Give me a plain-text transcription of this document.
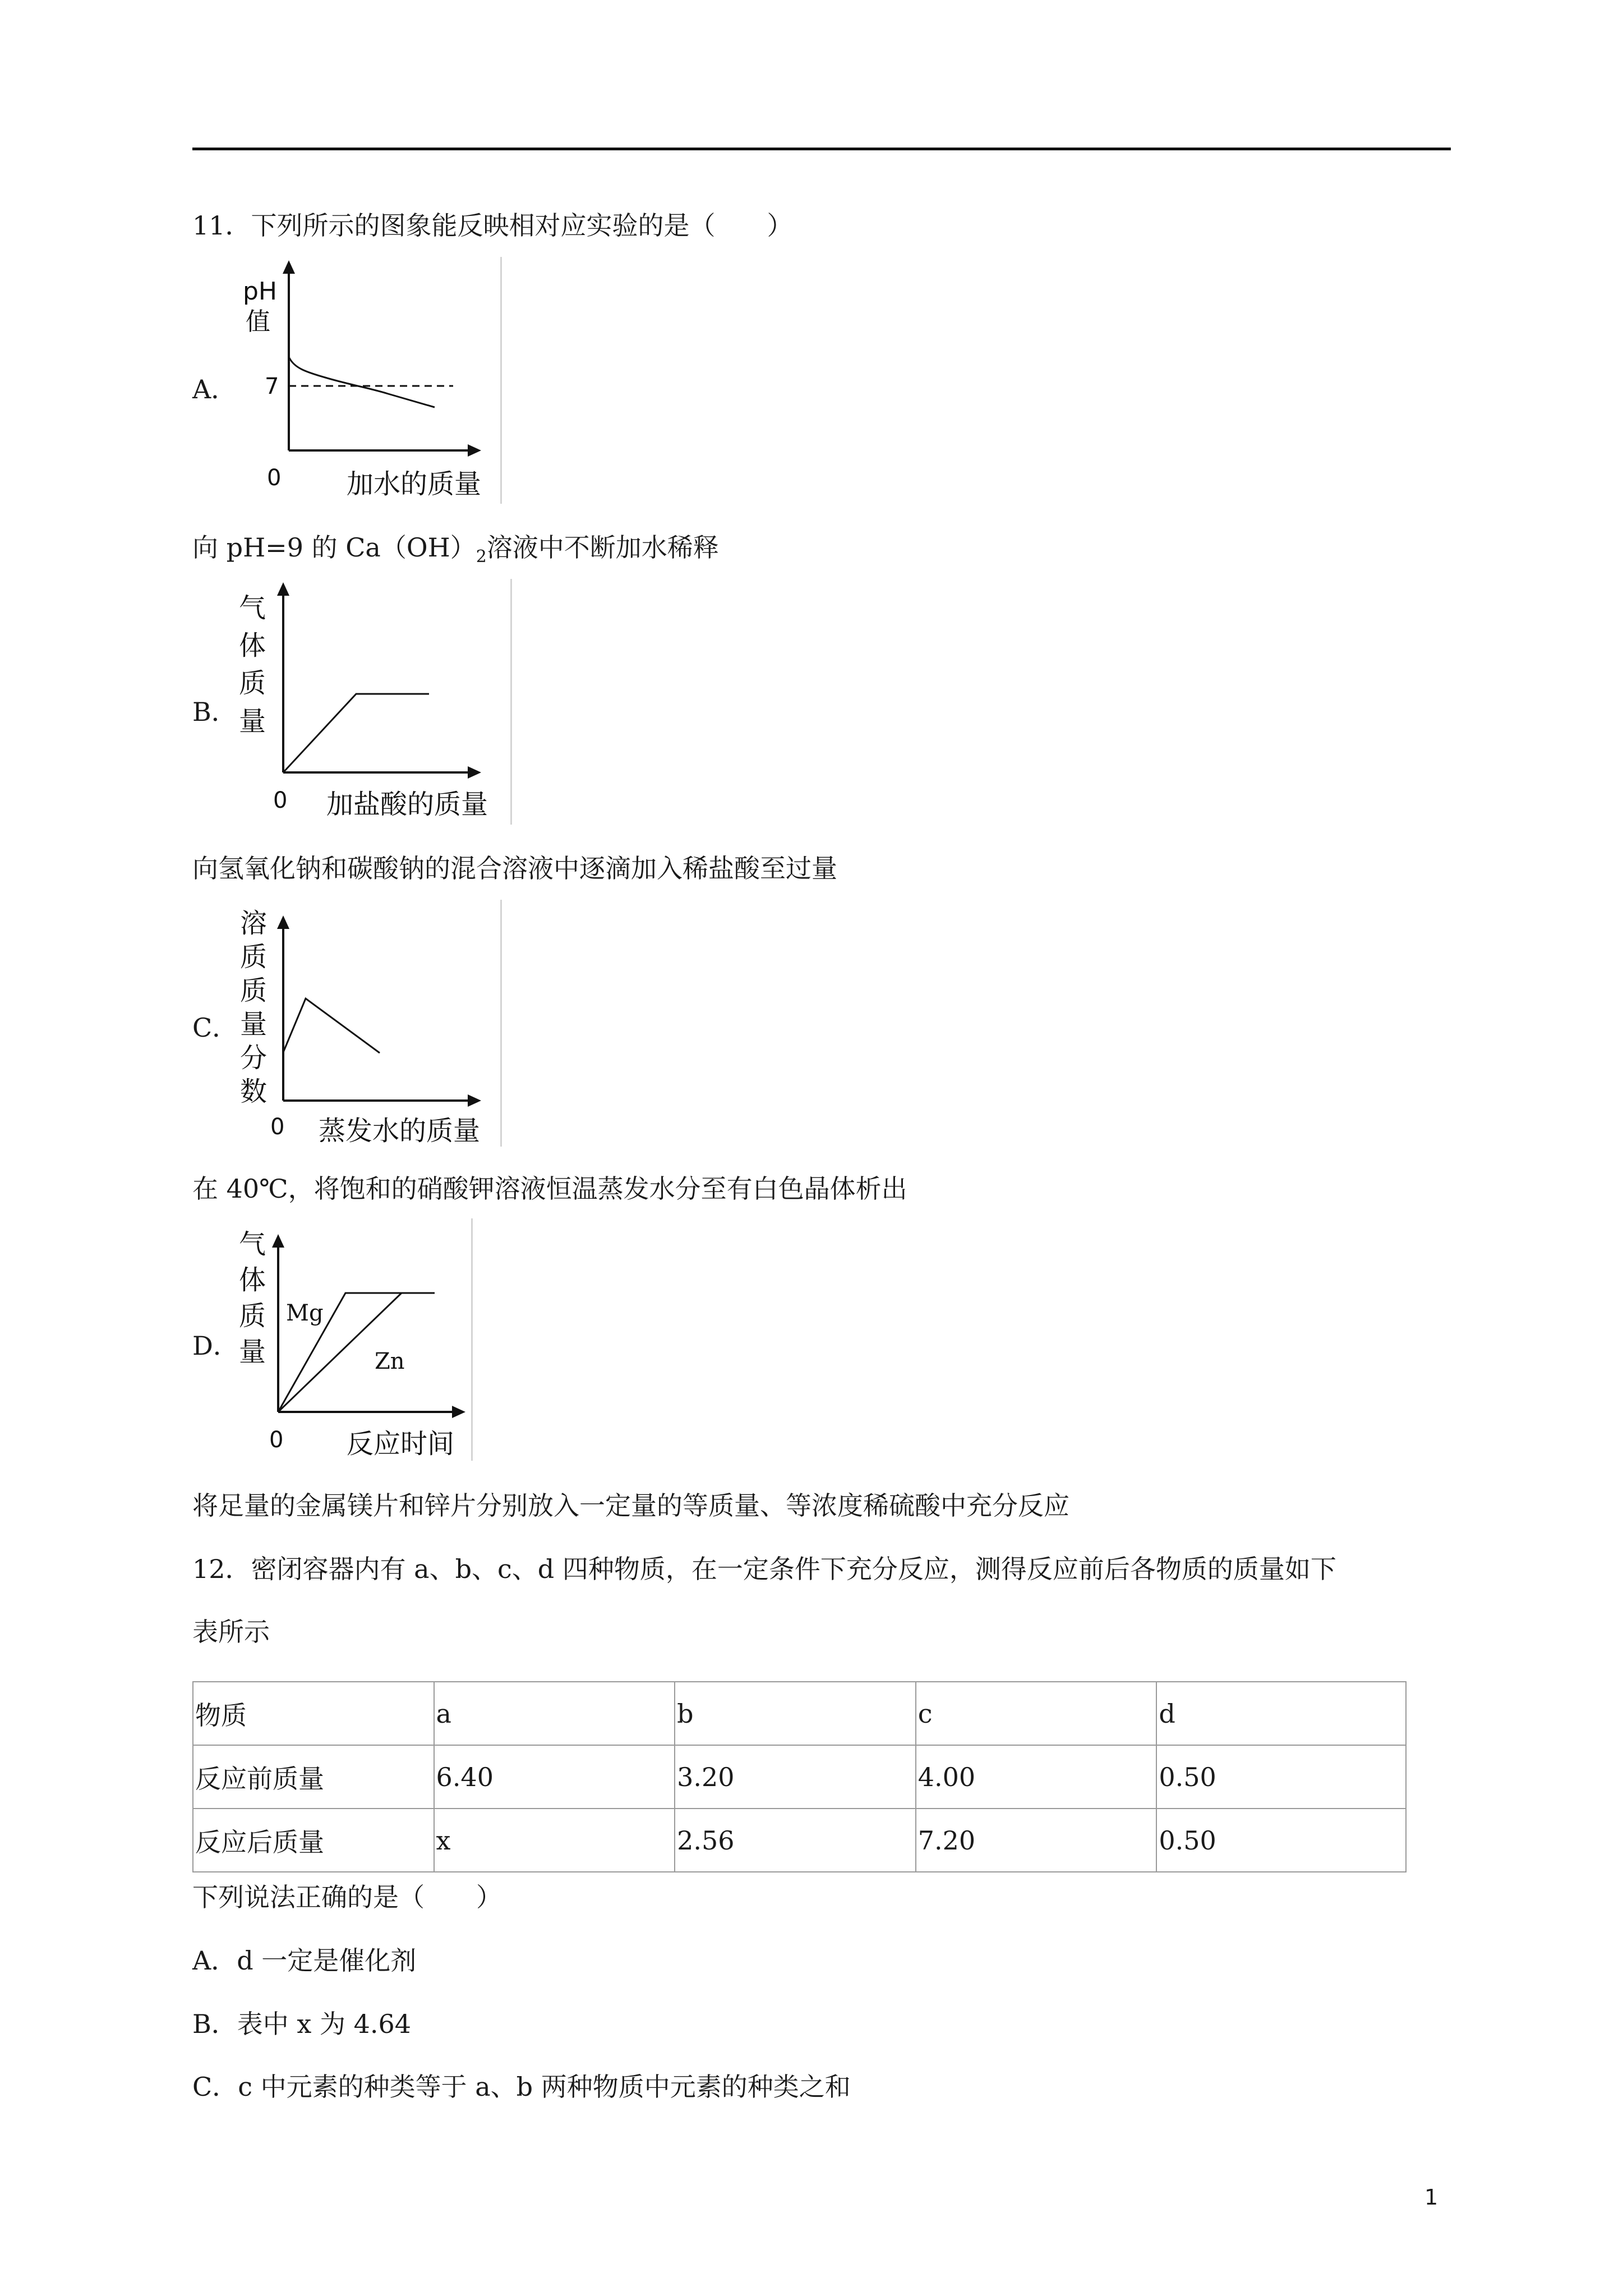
11．下列所示的图象能反映相对应实验的是（　　）
A．
pH
值
7
0 加水的质量
向 pH=9 的 $Ca(OH)_2$溶液中不断加水稀释
B．
气
体
质
量
0 加盐酸的质量
向氢氧化钠和碳酸钠的混合溶液中逐滴加入稀盐酸至过量
C．
溶
质
质
量
分
数
0 蒸发水的质量
在 40℃，将饱和的硝酸钾溶液恒温蒸发水分至有白色晶体析出
D．
气
体
质
量
Mg
Zn
0 反应时间
将足量的金属镁片和锌片分别放入一定量的等质量、等浓度稀硫酸中充分反应
12．密闭容器内有 a、b、c、d 四种物质，在一定条件下充分反应，测得反应前后各物质的质量如下
表所示
物质	a	b	c	d
反应前质量	6.40	3.20	4.00	0.50
反应后质量	x	2.56	7.20	0.50
下列说法正确的是（　　）
A．d 一定是催化剂
B．表中 x 为 4.64
C．c 中元素的种类等于 a、b 两种物质中元素的种类之和
1
